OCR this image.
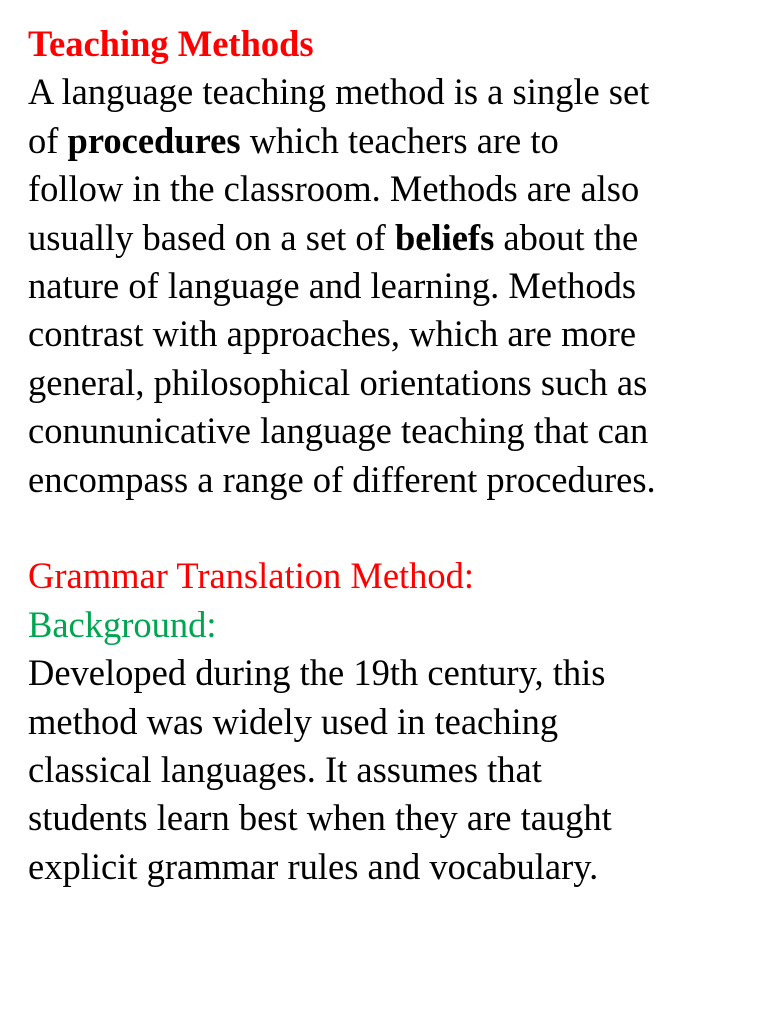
Teaching Methods
A language teaching method is a single set
of procedures which teachers are to
follow in the classroom. Methods are also
usually based on a set of beliefs about the
nature of language and learning. Methods
contrast with approaches, which are more
general, philosophical orientations such as
conununicative language teaching that can
encompass a range of different procedures.
Grammar Translation Method:
Background:
Developed during the 19th century, this
method was widely used in teaching
classical languages. It assumes that
students learn best when they are taught
explicit grammar rules and vocabulary.
